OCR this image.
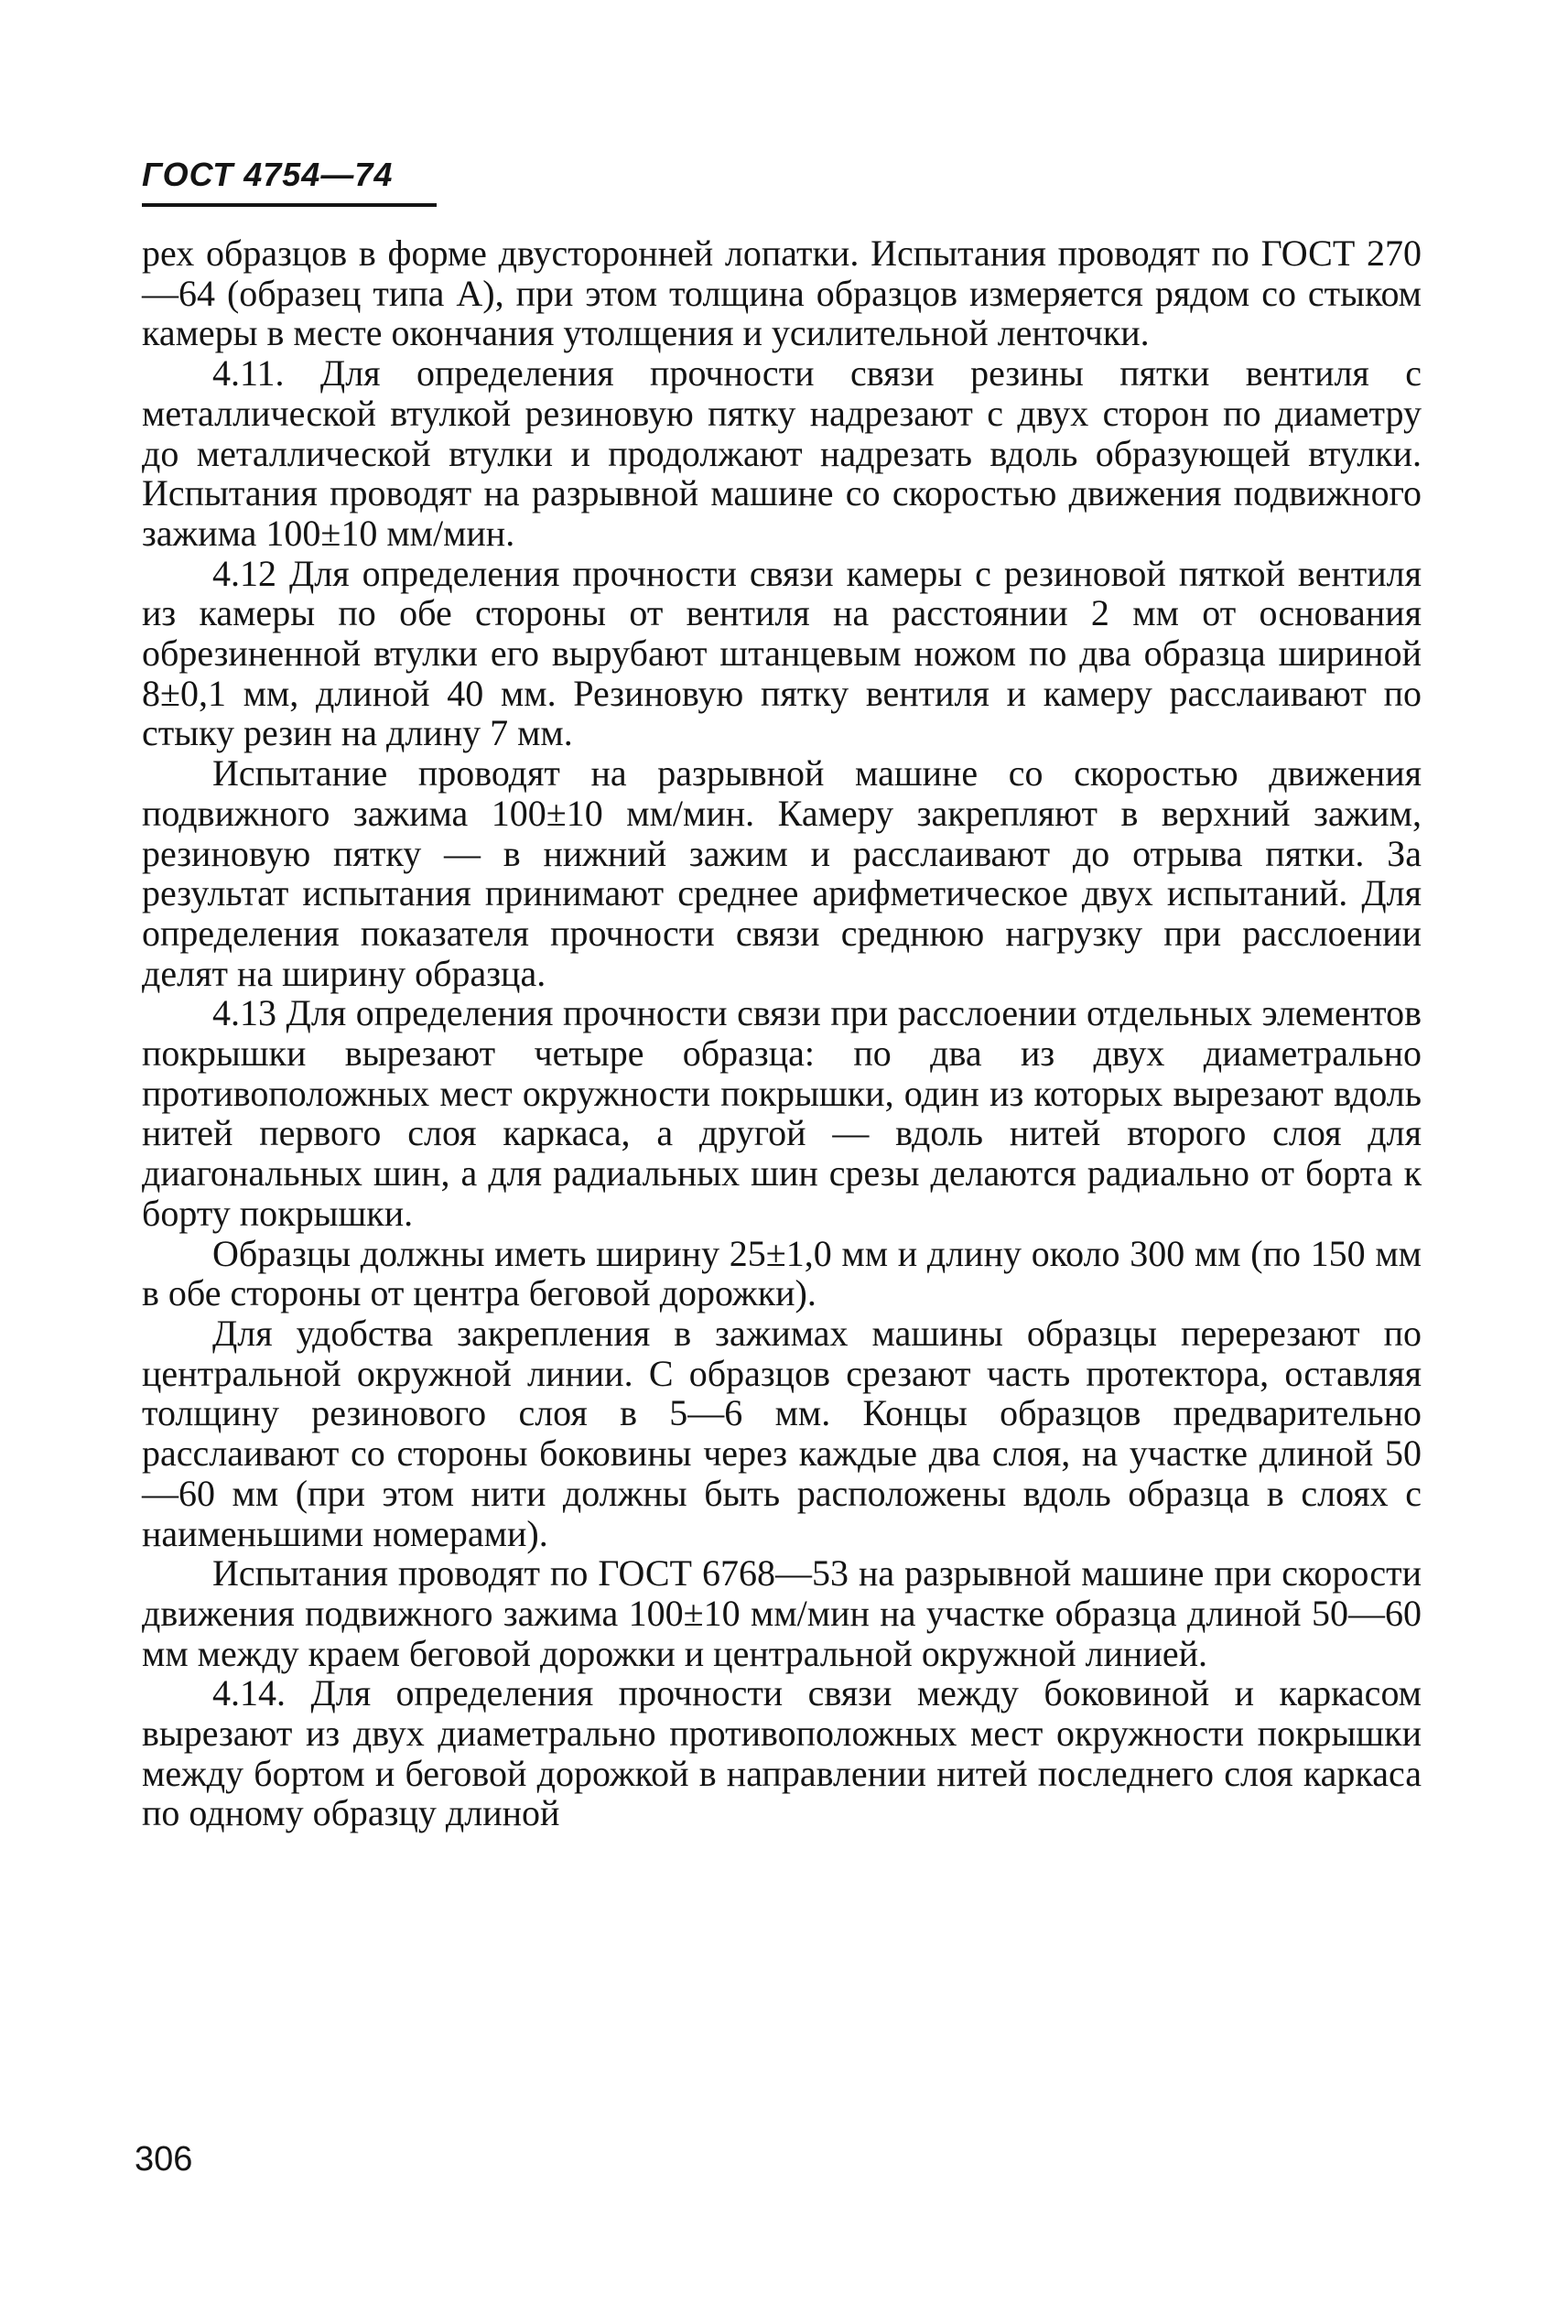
ГОСТ 4754—74

рех образцов в форме двусторонней лопатки. Испытания проводят по ГОСТ 270—64 (образец типа А), при этом толщина образцов измеряется рядом со стыком камеры в месте окончания утолщения и усилительной ленточки.

4.11. Для определения прочности связи резины пятки вентиля с металлической втулкой резиновую пятку надрезают с двух сторон по диаметру до металлической втулки и продолжают надрезать вдоль образующей втулки. Испытания проводят на разрывной машине со скоростью движения подвижного зажима 100±10 мм/мин.

4.12 Для определения прочности связи камеры с резиновой пяткой вентиля из камеры по обе стороны от вентиля на расстоянии 2 мм от основания обрезиненной втулки его вырубают штанцевым ножом по два образца шириной 8±0,1 мм, длиной 40 мм. Резиновую пятку вентиля и камеру расслаивают по стыку резин на длину 7 мм.

Испытание проводят на разрывной машине со скоростью движения подвижного зажима 100±10 мм/мин. Камеру закрепляют в верхний зажим, резиновую пятку — в нижний зажим и расслаивают до отрыва пятки. За результат испытания принимают среднее арифметическое двух испытаний. Для определения показателя прочности связи среднюю нагрузку при расслоении делят на ширину образца.

4.13 Для определения прочности связи при расслоении отдельных элементов покрышки вырезают четыре образца: по два из двух диаметрально противоположных мест окружности покрышки, один из которых вырезают вдоль нитей первого слоя каркаса, а другой — вдоль нитей второго слоя для диагональных шин, а для радиальных шин срезы делаются радиально от борта к борту покрышки.

Образцы должны иметь ширину 25±1,0 мм и длину около 300 мм (по 150 мм в обе стороны от центра беговой дорожки).

Для удобства закрепления в зажимах машины образцы перерезают по центральной окружной линии. С образцов срезают часть протектора, оставляя толщину резинового слоя в 5—6 мм. Концы образцов предварительно расслаивают со стороны боковины через каждые два слоя, на участке длиной 50—60 мм (при этом нити должны быть расположены вдоль образца в слоях с наименьшими номерами).

Испытания проводят по ГОСТ 6768—53 на разрывной машине при скорости движения подвижного зажима 100±10 мм/мин на участке образца длиной 50—60 мм между краем беговой дорожки и центральной окружной линией.

4.14. Для определения прочности связи между боковиной и каркасом вырезают из двух диаметрально противоположных мест окружности покрышки между бортом и беговой дорожкой в направлении нитей последнего слоя каркаса по одному образцу длиной

306
